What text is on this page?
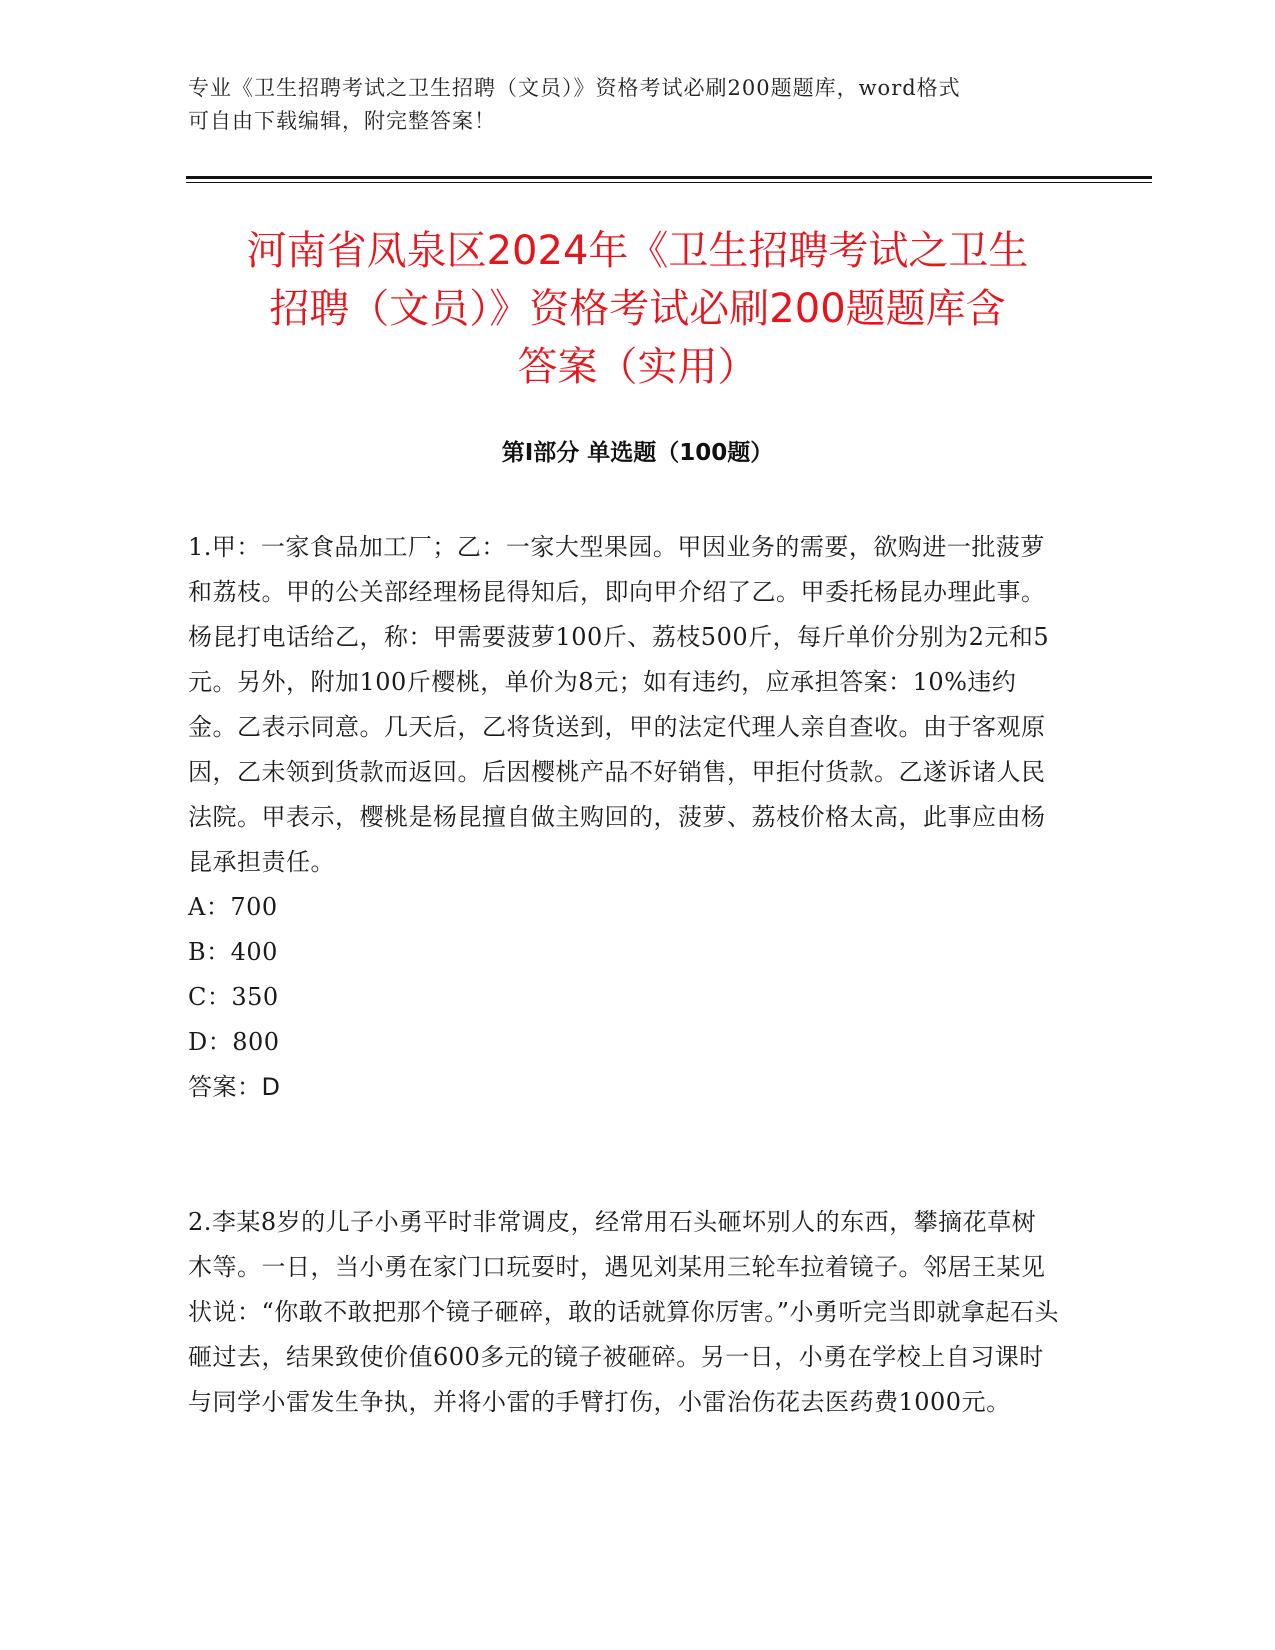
专业《卫生招聘考试之卫生招聘（文员）》资格考试必刷200题题库，word格式
可自由下载编辑，附完整答案！
河南省凤泉区2024年《卫生招聘考试之卫生
招聘（文员）》资格考试必刷200题题库含
答案（实用）
第I部分 单选题（100题）

1.甲：一家食品加工厂；乙：一家大型果园。甲因业务的需要，欲购进一批菠萝和荔枝。甲的公关部经理杨昆得知后，即向甲介绍了乙。甲委托杨昆办理此事。杨昆打电话给乙，称：甲需要菠萝100斤、荔枝500斤，每斤单价分别为2元和5元。另外，附加100斤樱桃，单价为8元；如有违约，应承担答案：10%违约金。乙表示同意。几天后，乙将货送到，甲的法定代理人亲自查收。由于客观原因，乙未领到货款而返回。后因樱桃产品不好销售，甲拒付货款。乙遂诉诸人民法院。甲表示，樱桃是杨昆擅自做主购回的，菠萝、荔枝价格太高，此事应由杨昆承担责任。

A：700

B：400

C：350

D：800

答案：D

2.李某8岁的儿子小勇平时非常调皮，经常用石头砸坏别人的东西，攀摘花草树木等。一日，当小勇在家门口玩耍时，遇见刘某用三轮车拉着镜子。邻居王某见状说：“你敢不敢把那个镜子砸碎，敢的话就算你厉害。”小勇听完当即就拿起石头砸过去，结果致使价值600多元的镜子被砸碎。另一日，小勇在学校上自习课时与同学小雷发生争执，并将小雷的手臂打伤，小雷治伤花去医药费1000元。
